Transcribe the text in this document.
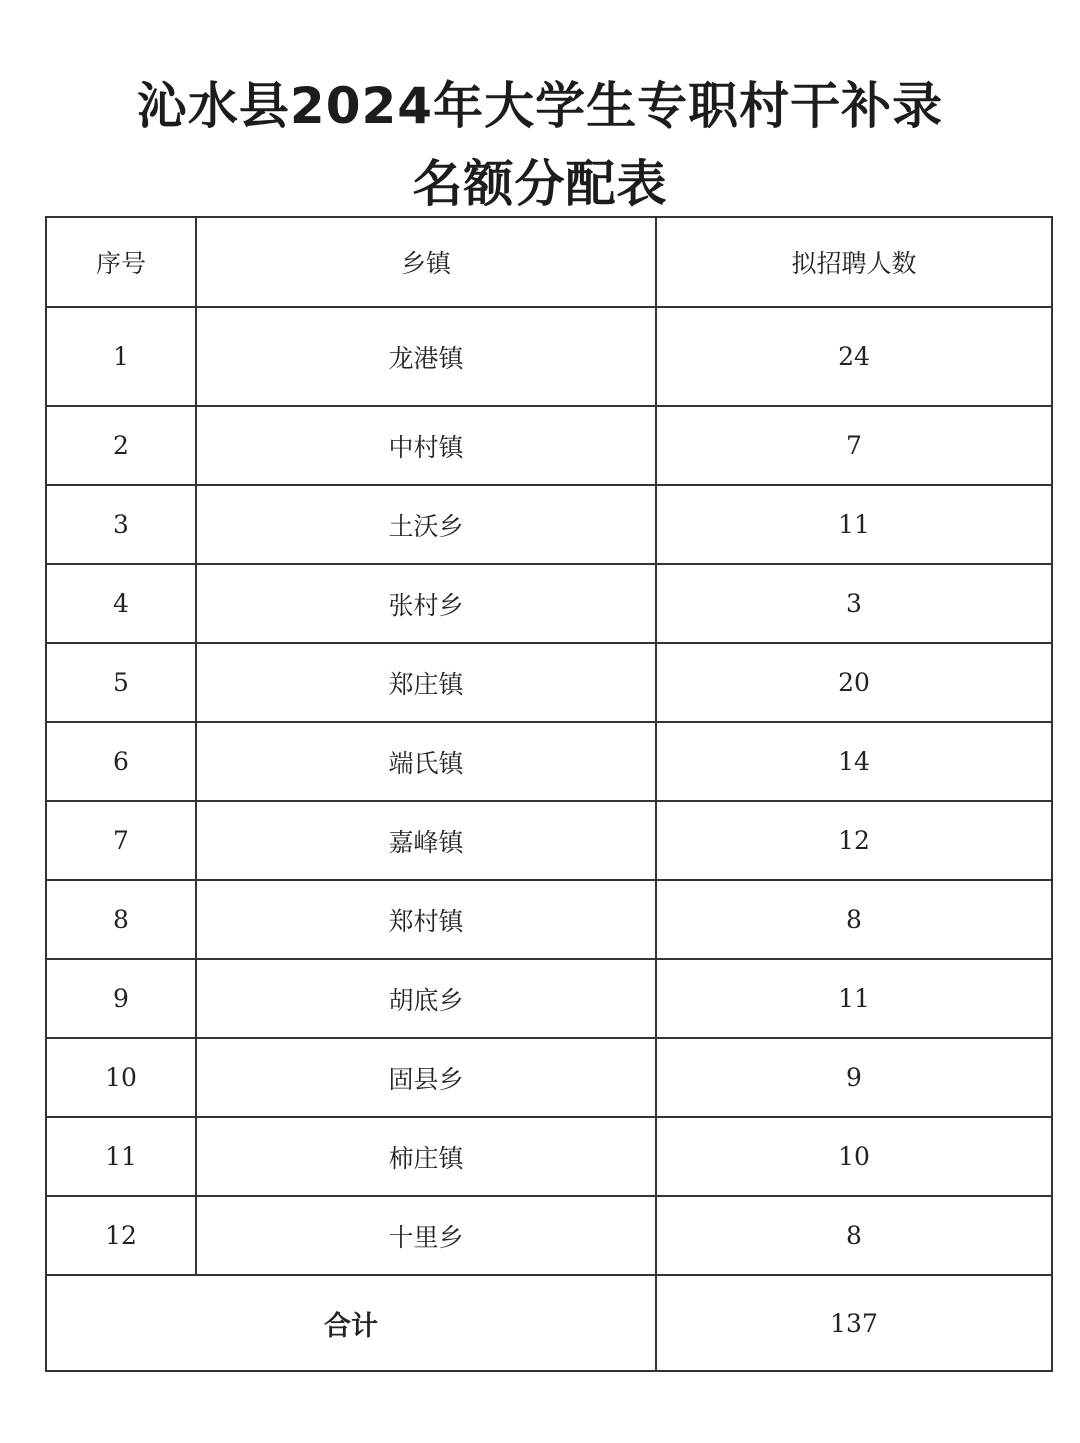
沁水县2024年大学生专职村干补录
名额分配表
序号	乡镇	拟招聘人数
1	龙港镇	24
2	中村镇	7
3	土沃乡	11
4	张村乡	3
5	郑庄镇	20
6	端氏镇	14
7	嘉峰镇	12
8	郑村镇	8
9	胡底乡	11
10	固县乡	9
11	柿庄镇	10
12	十里乡	8
合计		137
